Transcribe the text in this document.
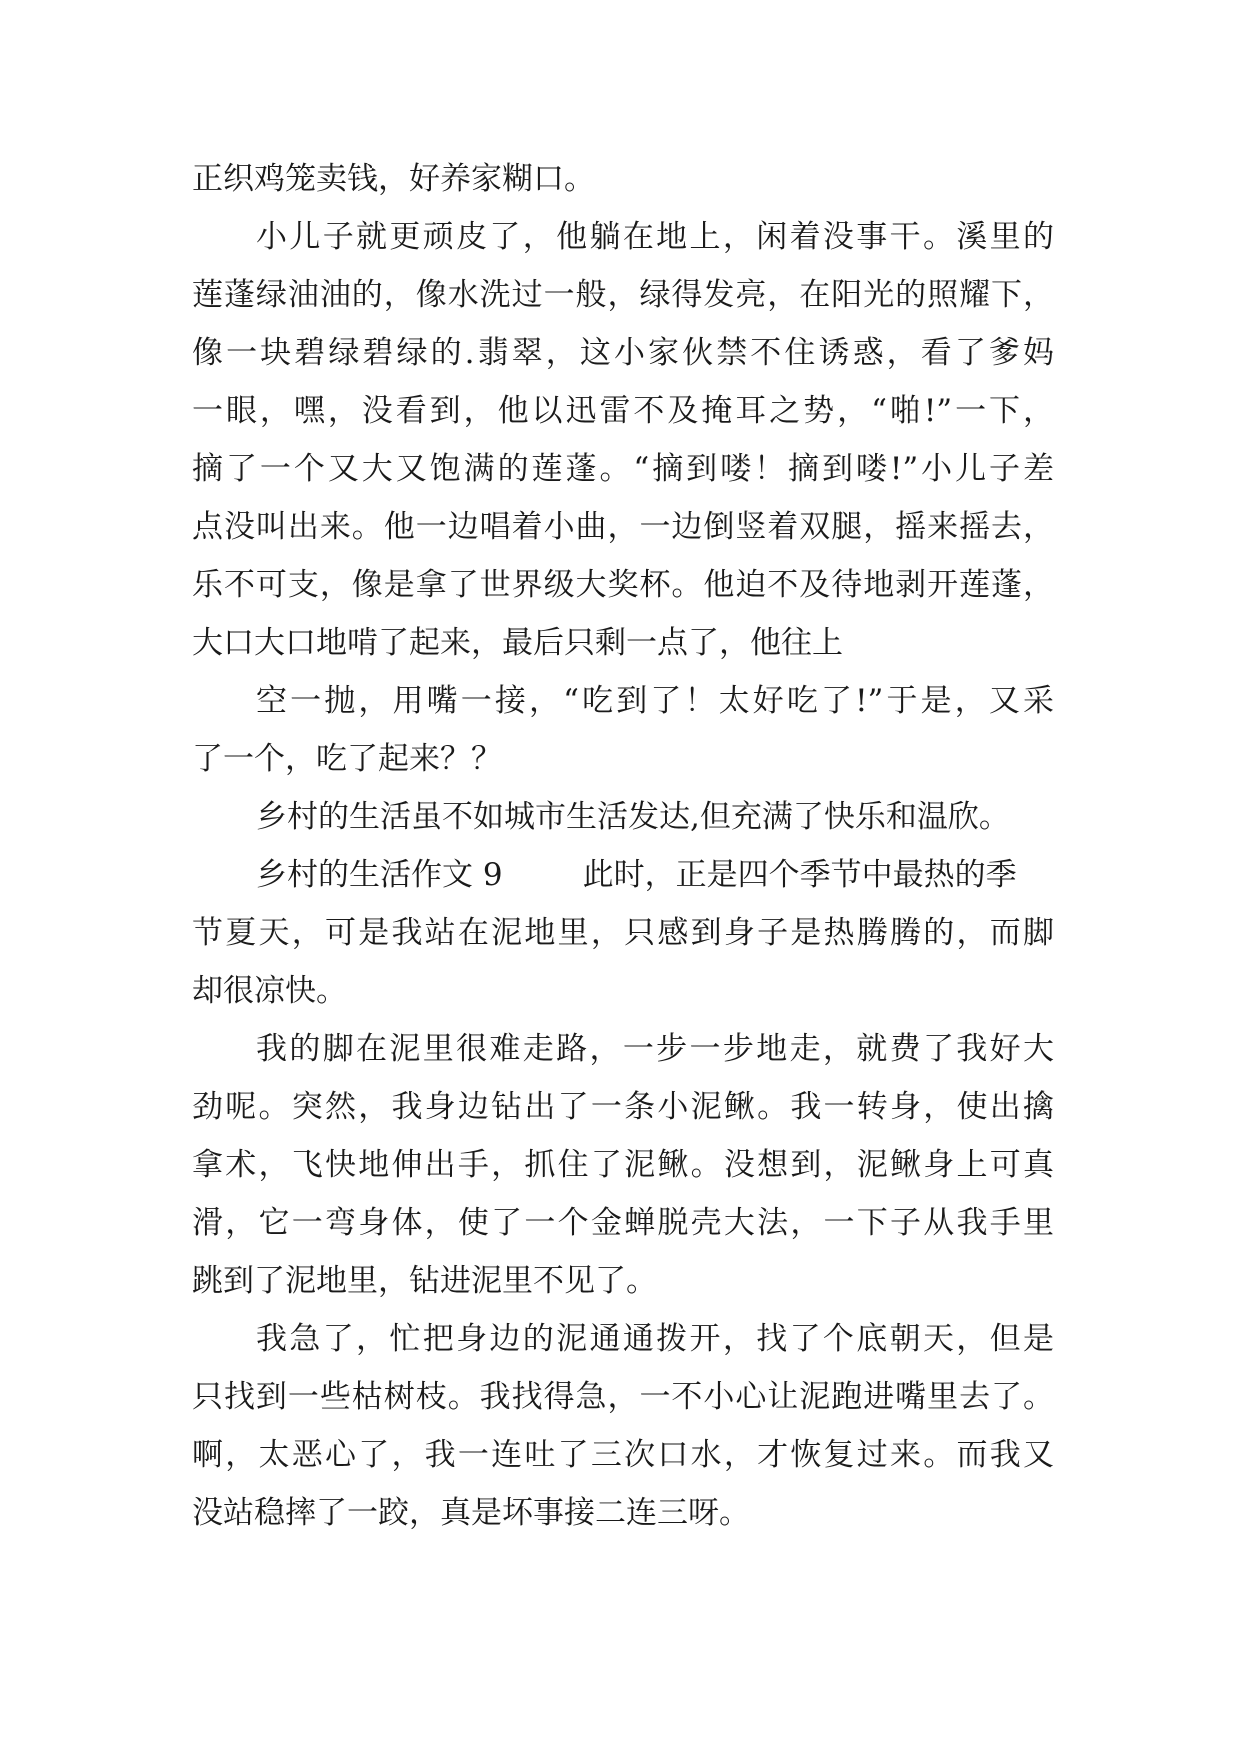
正织鸡笼卖钱，好养家糊口。
小儿子就更顽皮了，他躺在地上，闲着没事干。溪里的
莲蓬绿油油的，像水洗过一般，绿得发亮，在阳光的照耀下，
像一块碧绿碧绿的.翡翠，这小家伙禁不住诱惑，看了爹妈
一眼，嘿，没看到，他以迅雷不及掩耳之势，“啪!”一下，
摘了一个又大又饱满的莲蓬。“摘到喽！摘到喽!”小儿子差
点没叫出来。他一边唱着小曲，一边倒竖着双腿，摇来摇去，
乐不可支，像是拿了世界级大奖杯。他迫不及待地剥开莲蓬，
大口大口地啃了起来，最后只剩一点了，他往上
空一抛，用嘴一接，“吃到了！太好吃了!”于是，又采
了一个，吃了起来？？
乡村的生活虽不如城市生活发达,但充满了快乐和温欣。
乡村的生活作文 9	此时，正是四个季节中最热的季
节夏天，可是我站在泥地里，只感到身子是热腾腾的，而脚
却很凉快。
我的脚在泥里很难走路，一步一步地走，就费了我好大
劲呢。突然，我身边钻出了一条小泥鳅。我一转身，使出擒
拿术，飞快地伸出手，抓住了泥鳅。没想到，泥鳅身上可真
滑，它一弯身体，使了一个金蝉脱壳大法，一下子从我手里
跳到了泥地里，钻进泥里不见了。
我急了，忙把身边的泥通通拨开，找了个底朝天，但是
只找到一些枯树枝。我找得急，一不小心让泥跑进嘴里去了。
啊，太恶心了，我一连吐了三次口水，才恢复过来。而我又
没站稳摔了一跤，真是坏事接二连三呀。
